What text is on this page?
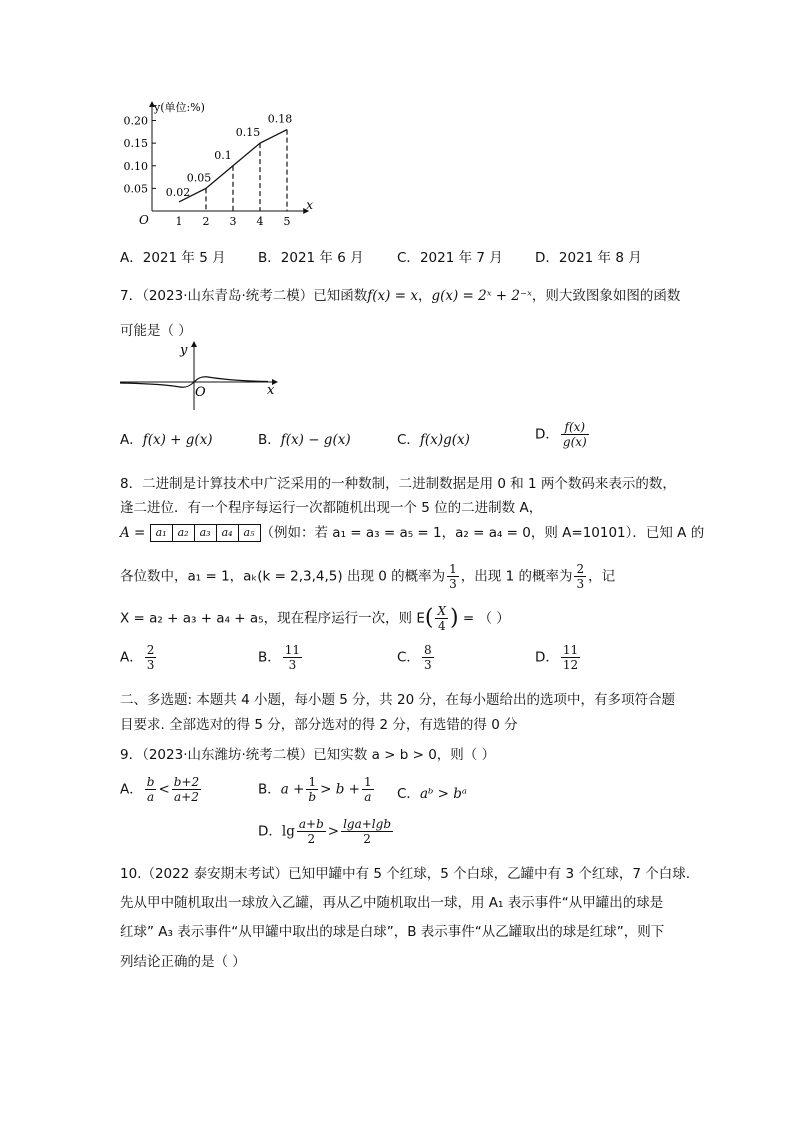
y(单位:%)
x
O
0.20
0.15
0.10
0.05
1 2 3 4 5
0.02
0.05
0.1
0.15
0.18
A．2021 年 5 月 B．2021 年 6 月 C．2021 年 7 月 D．2021 年 8 月
7．（2023·山东青岛·统考二模）已知函数f(x) = x，g(x) = 2ˣ + 2⁻ˣ，则大致图象如图的函数
可能是（ ）
y
x
O
A．f(x) + g(x)	B．f(x) − g(x)	C．f(x)g(x)	D． $\frac{f(x)}{g(x)}$
8．二进制是计算技术中广泛采用的一种数制，二进制数据是用 0 和 1 两个数码来表示的数，
逢二进位．有一个程序每运行一次都随机出现一个 5 位的二进制数 A，
A = a₁ a₂ a₃ a₄ a₅ （例如：若 a₁ = a₃ = a₅ = 1，a₂ = a₄ = 0，则 A=10101）．已知 A 的
各位数中，a₁ = 1，aₖ(k = 2,3,4,5) 出现 0 的概率为 $\frac{1}{3}$ ，出现 1 的概率为 $\frac{2}{3}$ ，记
X = a₂ + a₃ + a₄ + a₅，现在程序运行一次，则 $E( \frac{X}{4}$ ) = （ ）
A． $\frac{2}{3}$	B． $\frac{11}{3}$	C． $\frac{8}{3}$	D． $\frac{11}{12}$
二、多选题: 本题共 4 小题，每小题 5 分，共 20 分，在每小题给出的选项中，有多项符合题
目要求. 全部选对的得 5 分，部分选对的得 2 分，有选错的得 0 分
9．（2023·山东潍坊·统考二模）已知实数 a > b > 0，则（ ）
A． $\frac{b}{a} < \frac{b+2}{a+2}$	B．$a + \frac{1}{b} > b + \frac{1}{a}$ C．aᵇ > bᵃ
D．$\lg \frac{a+b}{2} > \frac{\lg a+\lg b}{2}$
10.（2022 泰安期末考试）已知甲罐中有 5 个红球，5 个白球，乙罐中有 3 个红球，7 个白球.
先从甲中随机取出一球放入乙罐，再从乙中随机取出一球，用 A₁ 表示事件“从甲罐出的球是
红球” A₃ 表示事件“从甲罐中取出的球是白球”，B 表示事件“从乙罐取出的球是红球”，则下
列结论正确的是（ ）
